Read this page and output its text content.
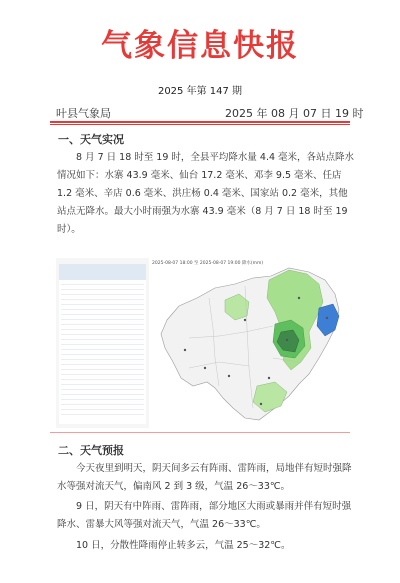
气象信息快报
2025 年第 147 期
叶县气象局	2025 年 08 月 07 日 19 时
一、天气实况
8 月 7 日 18 时至 19 时，全县平均降水量 4.4 毫米，各站点降水情况如下：水寨 43.9 毫米、仙台 17.2 毫米、邓李 9.5 毫米、任店 1.2 毫米、辛店 0.6 毫米、洪庄杨 0.4 毫米、国家站 0.2 毫米，其他站点无降水。最大小时雨强为水寨 43.9 毫米（8 月 7 日 18 时至 19 时）。
2025-08-07 18:00 至 2025-08-07 19:00 降水(mm)
二、天气预报
今天夜里到明天，阴天间多云有阵雨、雷阵雨，局地伴有短时强降水等强对流天气，偏南风 2 到 3 级，气温 26～33℃。
9 日，阴天有中阵雨、雷阵雨，部分地区大雨或暴雨并伴有短时强降水、雷暴大风等强对流天气，气温 26～33℃。
10 日，分散性降雨停止转多云，气温 25～32℃。
